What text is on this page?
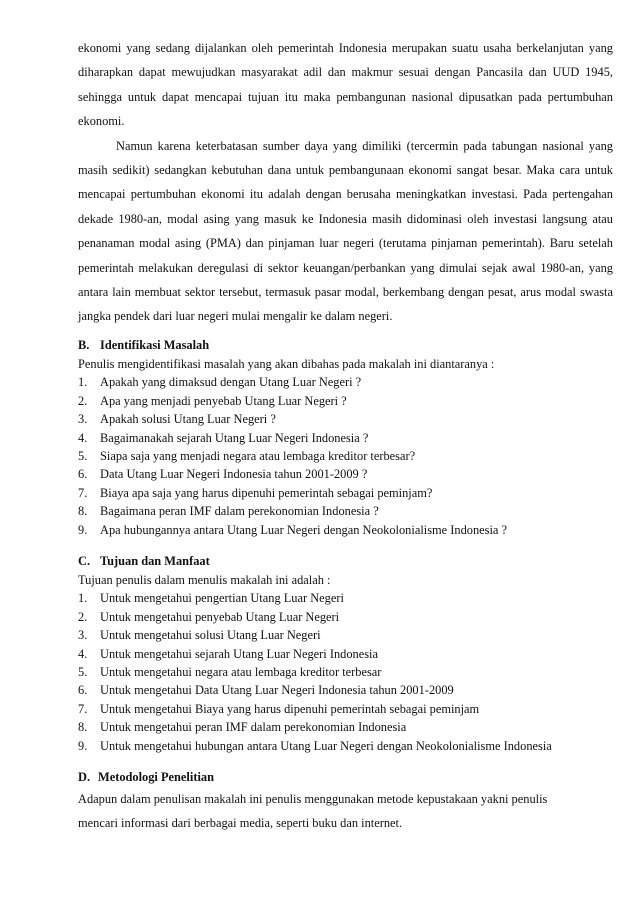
ekonomi yang sedang dijalankan oleh pemerintah Indonesia merupakan suatu usaha berkelanjutan yang diharapkan dapat mewujudkan masyarakat adil dan makmur sesuai dengan Pancasila dan UUD 1945, sehingga untuk dapat mencapai tujuan itu maka pembangunan nasional dipusatkan pada pertumbuhan ekonomi.

Namun karena keterbatasan sumber daya yang dimiliki (tercermin pada tabungan nasional yang masih sedikit) sedangkan kebutuhan dana untuk pembangunaan ekonomi sangat besar. Maka cara untuk mencapai pertumbuhan ekonomi itu adalah dengan berusaha meningkatkan investasi. Pada pertengahan dekade 1980-an, modal asing yang masuk ke Indonesia masih didominasi oleh investasi langsung atau penanaman modal asing (PMA) dan pinjaman luar negeri (terutama pinjaman pemerintah). Baru setelah pemerintah melakukan deregulasi di sektor keuangan/perbankan yang dimulai sejak awal 1980-an, yang antara lain membuat sektor tersebut, termasuk pasar modal, berkembang dengan pesat, arus modal swasta jangka pendek dari luar negeri mulai mengalir ke dalam negeri.

B. Identifikasi Masalah

Penulis mengidentifikasi masalah yang akan dibahas pada makalah ini diantaranya :

1. Apakah yang dimaksud dengan Utang Luar Negeri ?
2. Apa yang menjadi penyebab Utang Luar Negeri ?
3. Apakah solusi Utang Luar Negeri ?
4. Bagaimanakah sejarah Utang Luar Negeri Indonesia ?
5. Siapa saja yang menjadi negara atau lembaga kreditor terbesar?
6. Data Utang Luar Negeri Indonesia tahun 2001-2009 ?
7. Biaya apa saja yang harus dipenuhi pemerintah sebagai peminjam?
8. Bagaimana peran IMF dalam perekonomian Indonesia ?
9. Apa hubungannya antara Utang Luar Negeri dengan Neokolonialisme Indonesia ?

C. Tujuan dan Manfaat

Tujuan penulis dalam menulis makalah ini adalah :

1. Untuk mengetahui pengertian Utang Luar Negeri
2. Untuk mengetahui penyebab Utang Luar Negeri
3. Untuk mengetahui solusi Utang Luar Negeri
4. Untuk mengetahui sejarah Utang Luar Negeri Indonesia
5. Untuk mengetahui negara atau lembaga kreditor terbesar
6. Untuk mengetahui Data Utang Luar Negeri Indonesia tahun 2001-2009
7. Untuk mengetahui Biaya yang harus dipenuhi pemerintah sebagai peminjam
8. Untuk mengetahui peran IMF dalam perekonomian Indonesia
9. Untuk mengetahui hubungan antara Utang Luar Negeri dengan Neokolonialisme Indonesia

D. Metodologi Penelitian

Adapun dalam penulisan makalah ini penulis menggunakan metode kepustakaan yakni penulis

mencari informasi dari berbagai media, seperti buku dan internet.
